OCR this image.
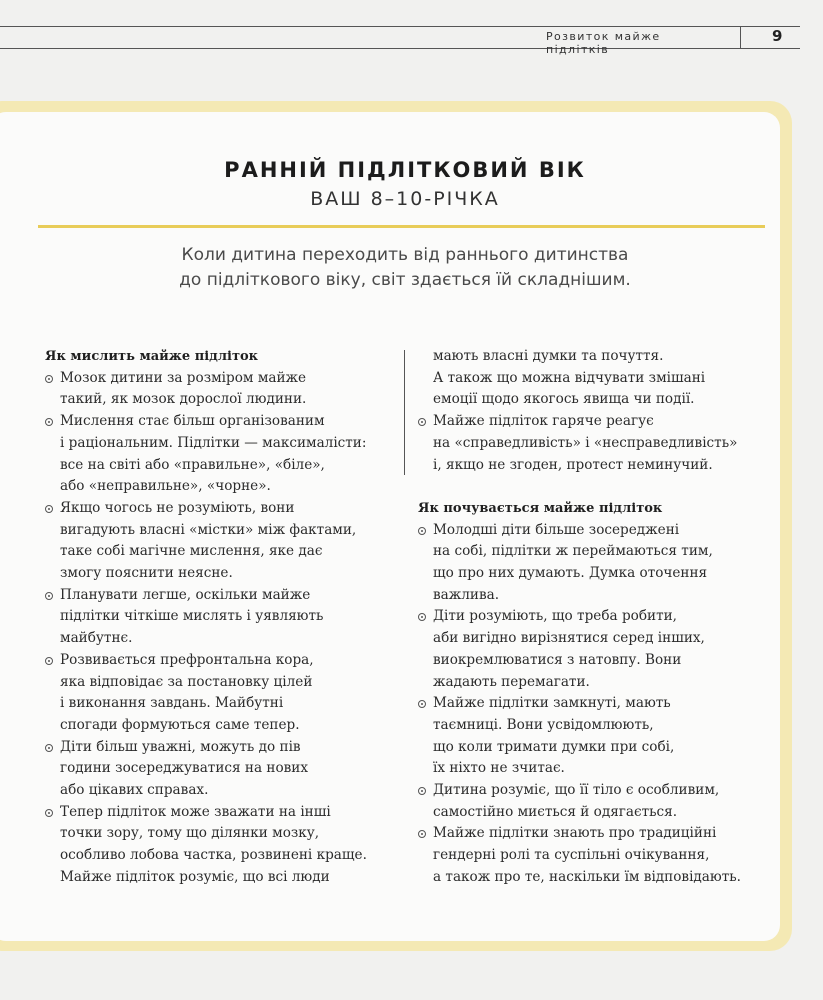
Розвиток майже підлітків
9
РАННІЙ ПІДЛІТКОВИЙ ВІК
ВАШ 8–10-РІЧКА
Коли дитина переходить від раннього дитинства
до підліткового віку, світ здається їй складнішим.
Як мислить майже підліток
Мозок дитини за розміром майже
такий, як мозок дорослої людини.
Мислення стає більш організованим
і раціональним. Підлітки — максималісти:
все на світі або «правильне», «біле»,
або «неправильне», «чорне».
Якщо чогось не розуміють, вони
вигадують власні «містки» між фактами,
таке собі магічне мислення, яке дає
змогу пояснити неясне.
Планувати легше, оскільки майже
підлітки чіткіше мислять і уявляють
майбутнє.
Розвивається префронтальна кора,
яка відповідає за постановку цілей
і виконання завдань. Майбутні
спогади формуються саме тепер.
Діти більш уважні, можуть до пів
години зосереджуватися на нових
або цікавих справах.
Тепер підліток може зважати на інші
точки зору, тому що ділянки мозку,
особливо лобова частка, розвинені краще.
Майже підліток розуміє, що всі люди
мають власні думки та почуття.
А також що можна відчувати змішані
емоції щодо якогось явища чи події.
Майже підліток гаряче реагує
на «справедливість» і «несправедливість»
і, якщо не згоден, протест неминучий.
Як почувається майже підліток
Молодші діти більше зосереджені
на собі, підлітки ж переймаються тим,
що про них думають. Думка оточення
важлива.
Діти розуміють, що треба робити,
аби вигідно вирізнятися серед інших,
виокремлюватися з натовпу. Вони
жадають перемагати.
Майже підлітки замкнуті, мають
таємниці. Вони усвідомлюють,
що коли тримати думки при собі,
їх ніхто не зчитає.
Дитина розуміє, що її тіло є особливим,
самостійно миється й одягається.
Майже підлітки знають про традиційні
гендерні ролі та суспільні очікування,
а також про те, наскільки їм відповідають.
